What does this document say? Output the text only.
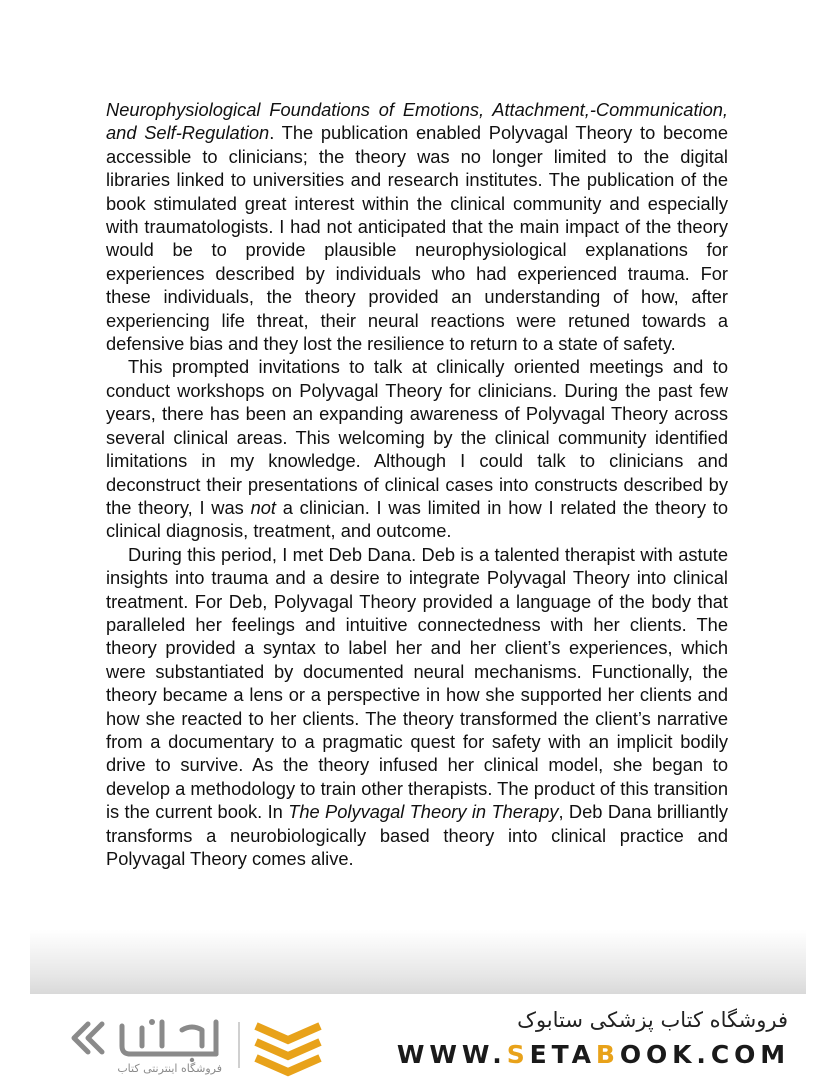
Neurophysiological Foundations of Emotions, Attachment,-Communication, and Self-Regulation. The publication enabled Polyvagal Theory to become accessible to clinicians; the theory was no longer limited to the digital libraries linked to universities and research institutes. The publication of the book stimulated great interest within the clinical community and especially with traumatologists. I had not anticipated that the main impact of the theory would be to provide plausible neurophysiological explanations for experiences described by individuals who had experienced trauma. For these individuals, the theory provided an understanding of how, after experiencing life threat, their neural reactions were retuned towards a defensive bias and they lost the resilience to return to a state of safety.

This prompted invitations to talk at clinically oriented meetings and to conduct workshops on Polyvagal Theory for clinicians. During the past few years, there has been an expanding awareness of Polyvagal Theory across several clinical areas. This welcoming by the clinical community identified limitations in my knowledge. Although I could talk to clinicians and deconstruct their presentations of clinical cases into constructs described by the theory, I was not a clinician. I was limited in how I related the theory to clinical diagnosis, treatment, and outcome.

During this period, I met Deb Dana. Deb is a talented therapist with astute insights into trauma and a desire to integrate Polyvagal Theory into clinical treatment. For Deb, Polyvagal Theory provided a language of the body that paralleled her feelings and intuitive connectedness with her clients. The theory provided a syntax to label her and her client’s experiences, which were substantiated by documented neural mechanisms. Functionally, the theory became a lens or a perspective in how she supported her clients and how she reacted to her clients. The theory transformed the client’s narrative from a documentary to a pragmatic quest for safety with an implicit bodily drive to survive. As the theory infused her clinical model, she began to develop a methodology to train other therapists. The product of this transition is the current book. In The Polyvagal Theory in Therapy, Deb Dana brilliantly transforms a neurobiologically based theory into clinical practice and Polyvagal Theory comes alive.

فروشگاه اینترنتی کتاب
فروشگاه کتاب پزشکی ستابوک
WWW.SETABOOK.COM
